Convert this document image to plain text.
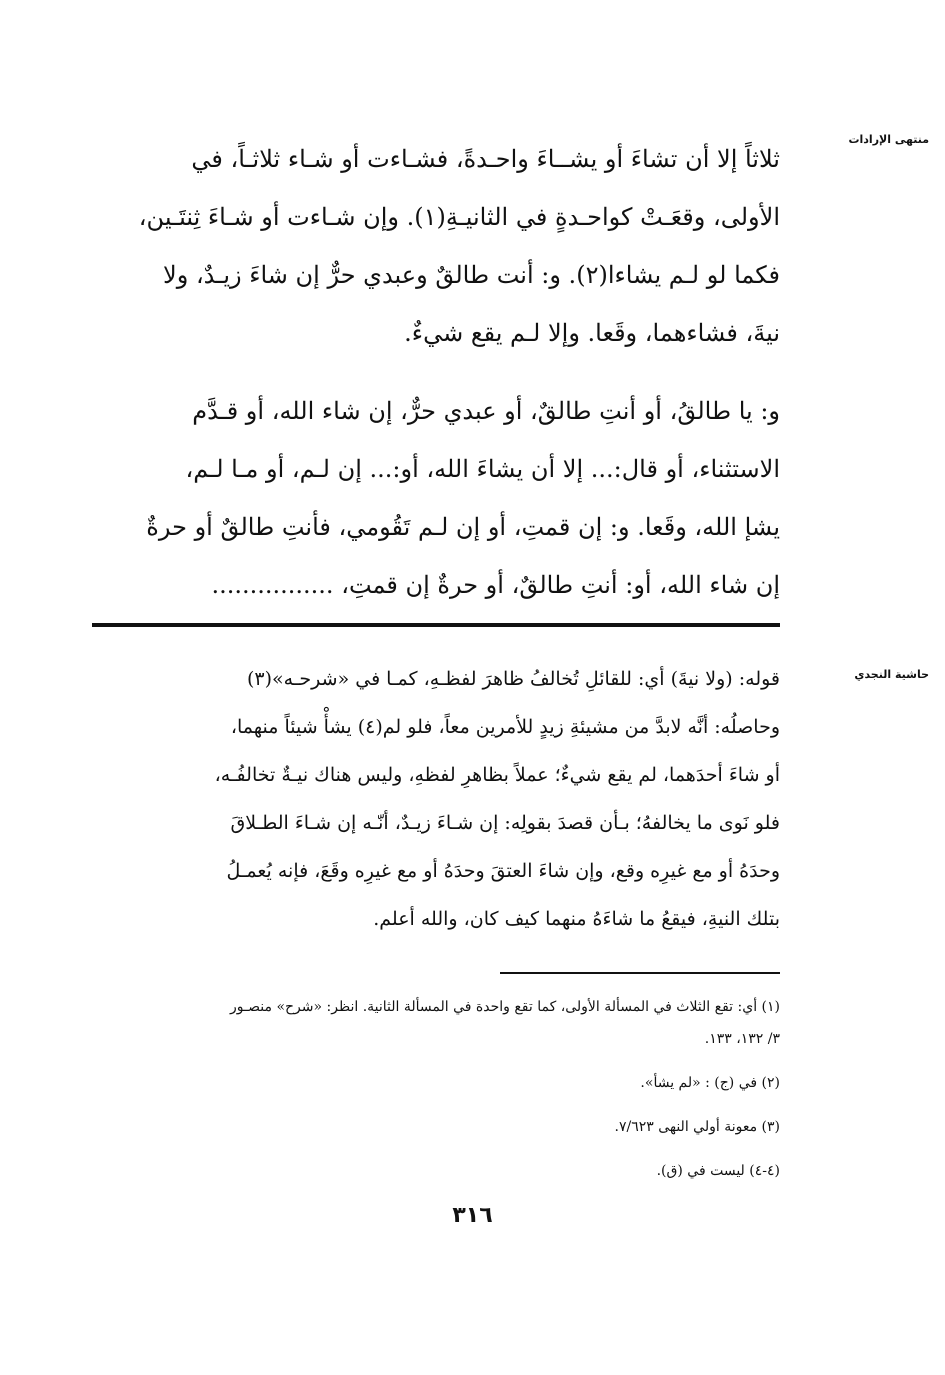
منتهى الإرادات
حاشية النجدي
ثلاثاً إلا أن تشاءَ أو يشــاءَ واحـدةً، فشـاءت أو شـاء ثلاثـاً، في
الأولى، وقعَـتْ كواحـدةٍ في الثانيـةِ(١). وإن شـاءت أو شـاءَ ثِنتَـين،
فكما لو لـم يشاءا(٢). و: أنت طالقٌ وعبدي حرٌّ إن شاءَ زيـدٌ، ولا
نيةَ، فشاءهما، وقَعا. وإلا لـم يقع شيءٌ.
و: يا طالقُ، أو أنتِ طالقٌ، أو عبدي حرٌّ، إن شاء الله، أو قـدَّم
الاستثناء، أو قال:... إلا أن يشاءَ الله، أو:... إن لـم، أو مـا لـم،
يشإ الله، وقَعا. و: إن قمتِ، أو إن لـم تَقُومي، فأنتِ طالقٌ أو حرةٌ
إن شاء الله، أو: أنتِ طالقٌ، أو حرةٌ إن قمتِ، ................
قوله: (ولا نيةَ) أي: للقائلِ تُخالفُ ظاهرَ لفظـهِ، كمـا في «شرحـه»(٣)
وحاصلُه: أنَّه لابدَّ من مشيئةِ زيدٍ للأمرين معاً، فلو لم(٤) يشأْ شيئاً منهما،
أو شاءَ أحدَهما، لم يقع شيءٌ؛ عملاً بظاهرِ لفظهِ، وليس هناك نيـةٌ تخالفُـه،
فلو نَوى ما يخالفهُ؛ بـأن قصدَ بقولِه: إن شـاءَ زيـدٌ، أنّـه إن شـاءَ الطـلاقَ
وحدَهُ أو مع غيرِه وقع، وإن شاءَ العتقَ وحدَهُ أو مع غيرِه وقَعَ، فإنه يُعمـلُ
بتلك النيةِ، فيقعُ ما شاءَهُ منهما كيف كان، والله أعلم.
(١) أي: تقع الثلاث في المسألة الأولى، كما تقع واحدة في المسألة الثانية. انظر: «شرح» منصـور
٣/ ١٣٢، ١٣٣.
(٢) في (ج) : «لم يشأ».
(٣) معونة أولي النهى ٧/٦٢٣.
(٤-٤) ليست في (ق).
٣١٦
